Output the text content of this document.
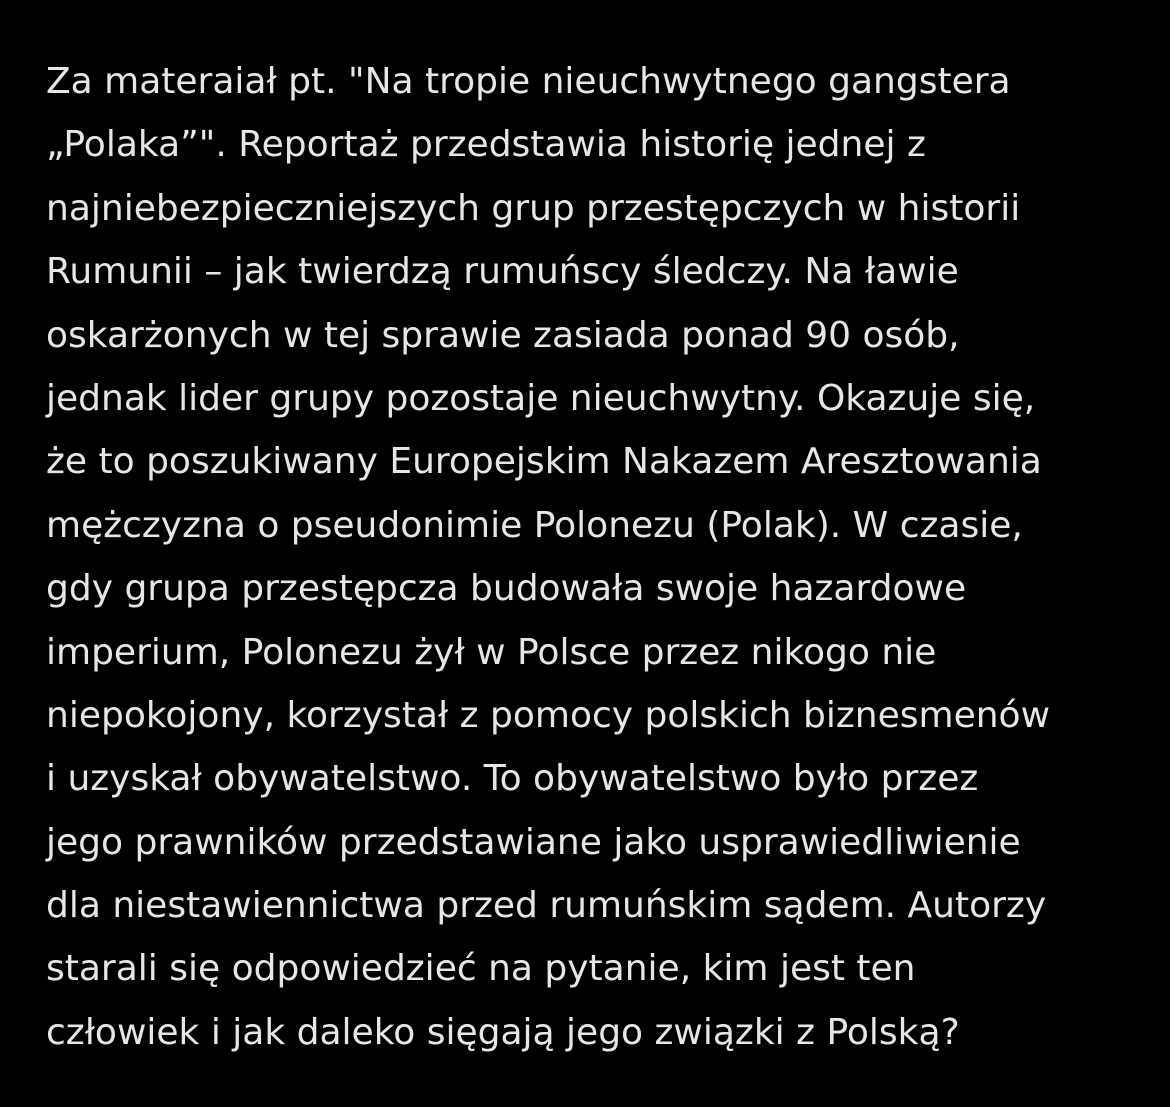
Za materaiał pt. "Na tropie nieuchwytnego gangstera
„Polaka”". Reportaż przedstawia historię jednej z
najniebezpieczniejszych grup przestępczych w historii
Rumunii – jak twierdzą rumuńscy śledczy. Na ławie
oskarżonych w tej sprawie zasiada ponad 90 osób,
jednak lider grupy pozostaje nieuchwytny. Okazuje się,
że to poszukiwany Europejskim Nakazem Aresztowania
mężczyzna o pseudonimie Polonezu (Polak). W czasie,
gdy grupa przestępcza budowała swoje hazardowe
imperium, Polonezu żył w Polsce przez nikogo nie
niepokojony, korzystał z pomocy polskich biznesmenów
i uzyskał obywatelstwo. To obywatelstwo było przez
jego prawników przedstawiane jako usprawiedliwienie
dla niestawiennictwa przed rumuńskim sądem. Autorzy
starali się odpowiedzieć na pytanie, kim jest ten
człowiek i jak daleko sięgają jego związki z Polską?
